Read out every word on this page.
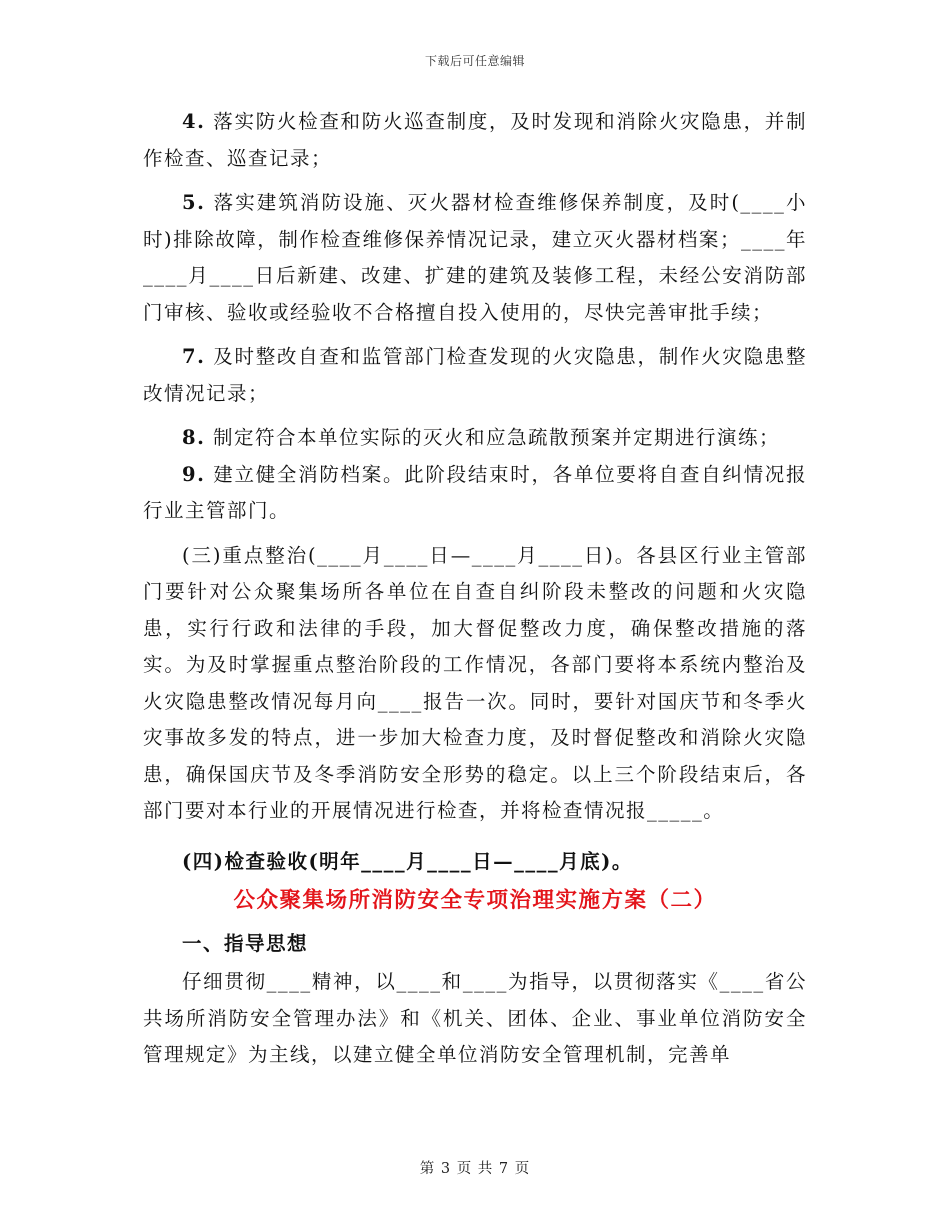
下载后可任意编辑

4. 落实防火检查和防火巡查制度，及时发现和消除火灾隐患，并制作检查、巡查记录；

5. 落实建筑消防设施、灭火器材检查维修保养制度，及时(____小时)排除故障，制作检查维修保养情况记录，建立灭火器材档案；____年____月____日后新建、改建、扩建的建筑及装修工程，未经公安消防部门审核、验收或经验收不合格擅自投入使用的，尽快完善审批手续；

7. 及时整改自查和监管部门检查发现的火灾隐患，制作火灾隐患整改情况记录；

8. 制定符合本单位实际的灭火和应急疏散预案并定期进行演练；

9. 建立健全消防档案。此阶段结束时，各单位要将自查自纠情况报行业主管部门。

(三)重点整治(____月____日—____月____日)。各县区行业主管部门要针对公众聚集场所各单位在自查自纠阶段未整改的问题和火灾隐患，实行行政和法律的手段，加大督促整改力度，确保整改措施的落实。为及时掌握重点整治阶段的工作情况，各部门要将本系统内整治及火灾隐患整改情况每月向____报告一次。同时，要针对国庆节和冬季火灾事故多发的特点，进一步加大检查力度，及时督促整改和消除火灾隐患，确保国庆节及冬季消防安全形势的稳定。以上三个阶段结束后，各部门要对本行业的开展情况进行检查，并将检查情况报_____。

(四)检查验收(明年____月____日—____月底)。

公众聚集场所消防安全专项治理实施方案（二）

一、指导思想

仔细贯彻____精神，以____和____为指导，以贯彻落实《____省公共场所消防安全管理办法》和《机关、团体、企业、事业单位消防安全管理规定》为主线，以建立健全单位消防安全管理机制，完善单

第 3 页 共 7 页
